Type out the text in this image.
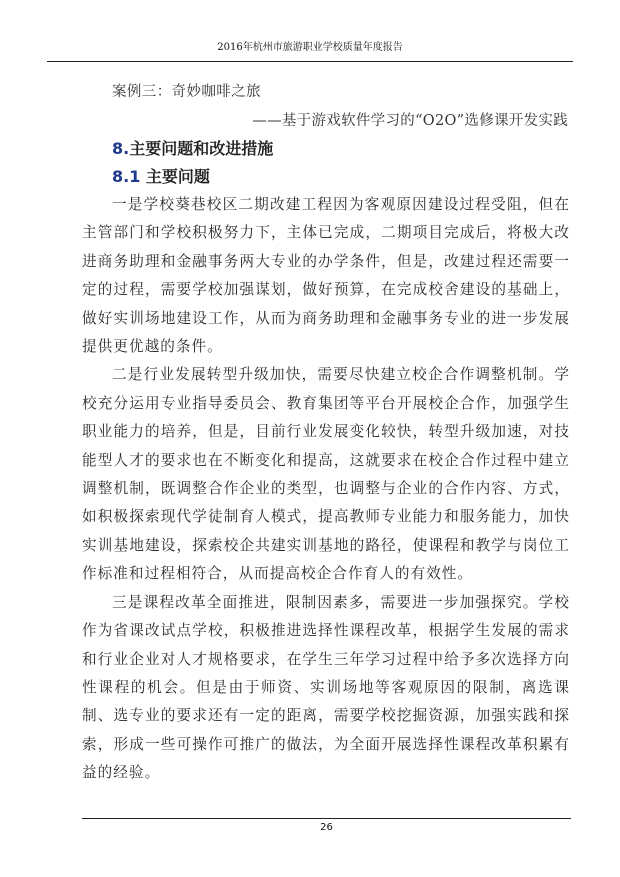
2016年杭州市旅游职业学校质量年度报告
案例三：奇妙咖啡之旅
——基于游戏软件学习的“O2O”选修课开发实践
8.主要问题和改进措施
8.1 主要问题

一是学校葵巷校区二期改建工程因为客观原因建设过程受阻，但在主管部门和学校积极努力下，主体已完成，二期项目完成后，将极大改进商务助理和金融事务两大专业的办学条件，但是，改建过程还需要一定的过程，需要学校加强谋划，做好预算，在完成校舍建设的基础上，做好实训场地建设工作，从而为商务助理和金融事务专业的进一步发展提供更优越的条件。

二是行业发展转型升级加快，需要尽快建立校企合作调整机制。学校充分运用专业指导委员会、教育集团等平台开展校企合作，加强学生职业能力的培养，但是，目前行业发展变化较快，转型升级加速，对技能型人才的要求也在不断变化和提高，这就要求在校企合作过程中建立调整机制，既调整合作企业的类型，也调整与企业的合作内容、方式，如积极探索现代学徒制育人模式，提高教师专业能力和服务能力，加快实训基地建设，探索校企共建实训基地的路径，使课程和教学与岗位工作标准和过程相符合，从而提高校企合作育人的有效性。

三是课程改革全面推进，限制因素多，需要进一步加强探究。学校作为省课改试点学校，积极推进选择性课程改革，根据学生发展的需求和行业企业对人才规格要求，在学生三年学习过程中给予多次选择方向性课程的机会。但是由于师资、实训场地等客观原因的限制，离选课制、选专业的要求还有一定的距离，需要学校挖掘资源，加强实践和探索，形成一些可操作可推广的做法，为全面开展选择性课程改革积累有益的经验。

26
